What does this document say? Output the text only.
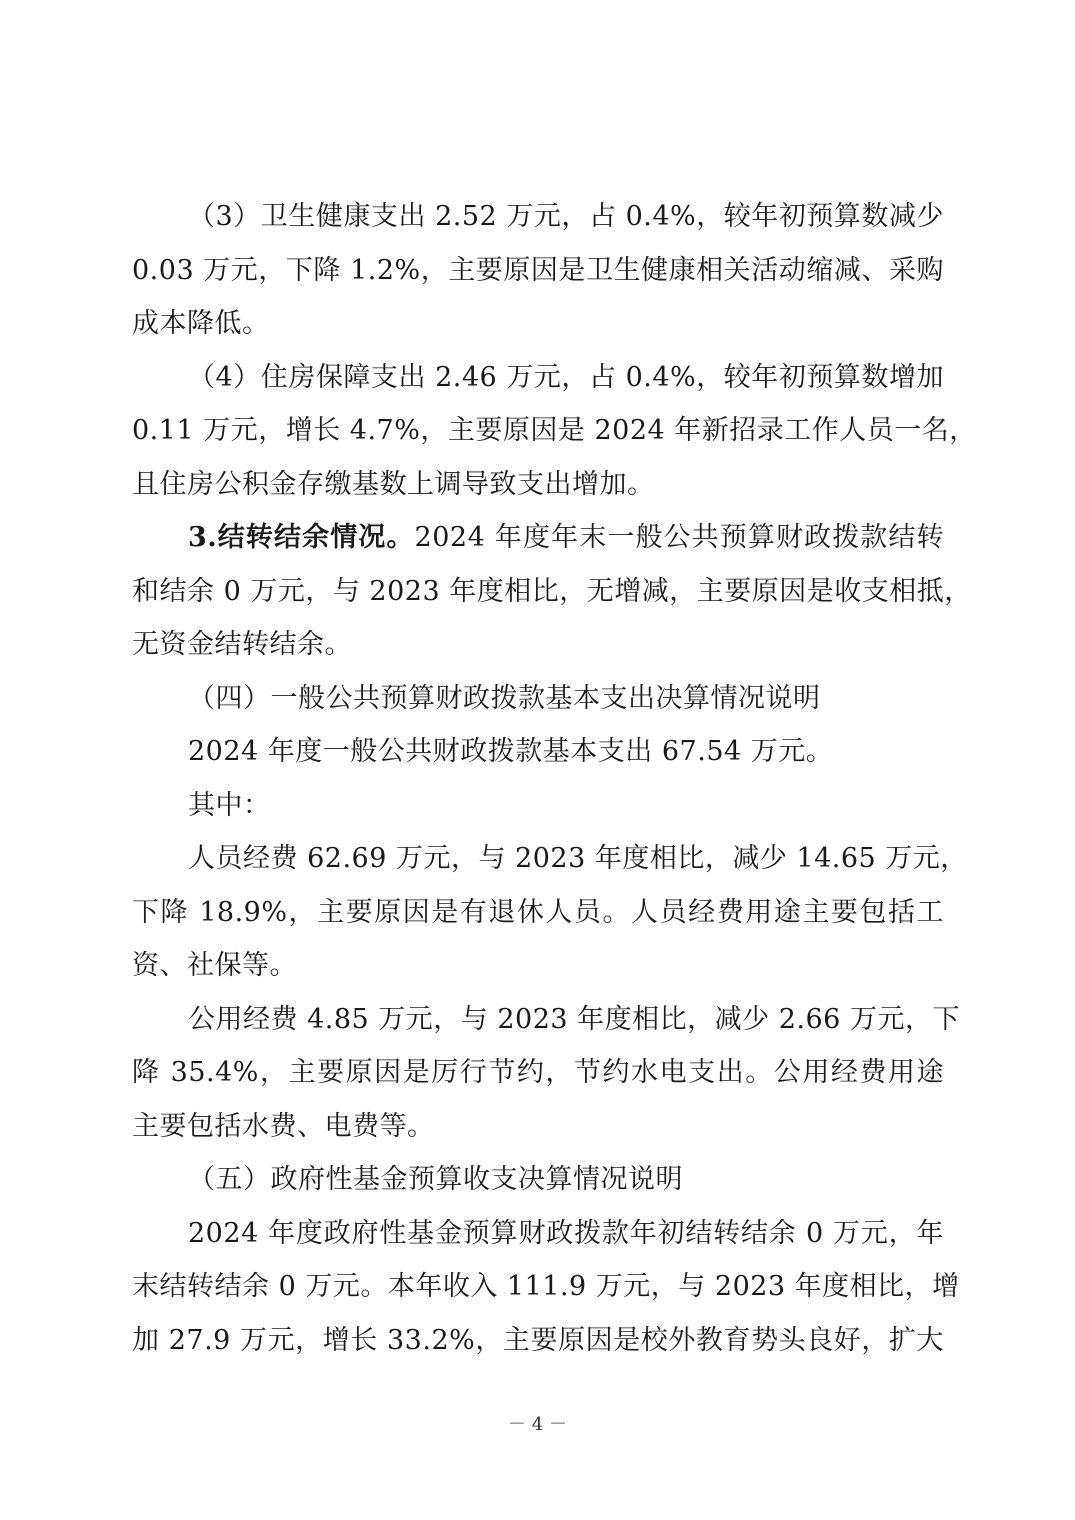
（3）卫生健康支出 2.52 万元，占 0.4%，较年初预算数减少
0.03 万元，下降 1.2%，主要原因是卫生健康相关活动缩减、采购
成本降低。
（4）住房保障支出 2.46 万元，占 0.4%，较年初预算数增加
0.11 万元，增长 4.7%，主要原因是 2024 年新招录工作人员一名，
且住房公积金存缴基数上调导致支出增加。
3.结转结余情况。2024 年度年末一般公共预算财政拨款结转
和结余 0 万元，与 2023 年度相比，无增减，主要原因是收支相抵，
无资金结转结余。
（四）一般公共预算财政拨款基本支出决算情况说明
2024 年度一般公共财政拨款基本支出 67.54 万元。
其中：
人员经费 62.69 万元，与 2023 年度相比，减少 14.65 万元，
下降 18.9%，主要原因是有退休人员。人员经费用途主要包括工
资、社保等。
公用经费 4.85 万元，与 2023 年度相比，减少 2.66 万元，下
降 35.4%，主要原因是厉行节约，节约水电支出。公用经费用途
主要包括水费、电费等。
（五）政府性基金预算收支决算情况说明
2024 年度政府性基金预算财政拨款年初结转结余 0 万元，年
末结转结余 0 万元。本年收入 111.9 万元，与 2023 年度相比，增
加 27.9 万元，增长 33.2%，主要原因是校外教育势头良好，扩大
－ 4 －
